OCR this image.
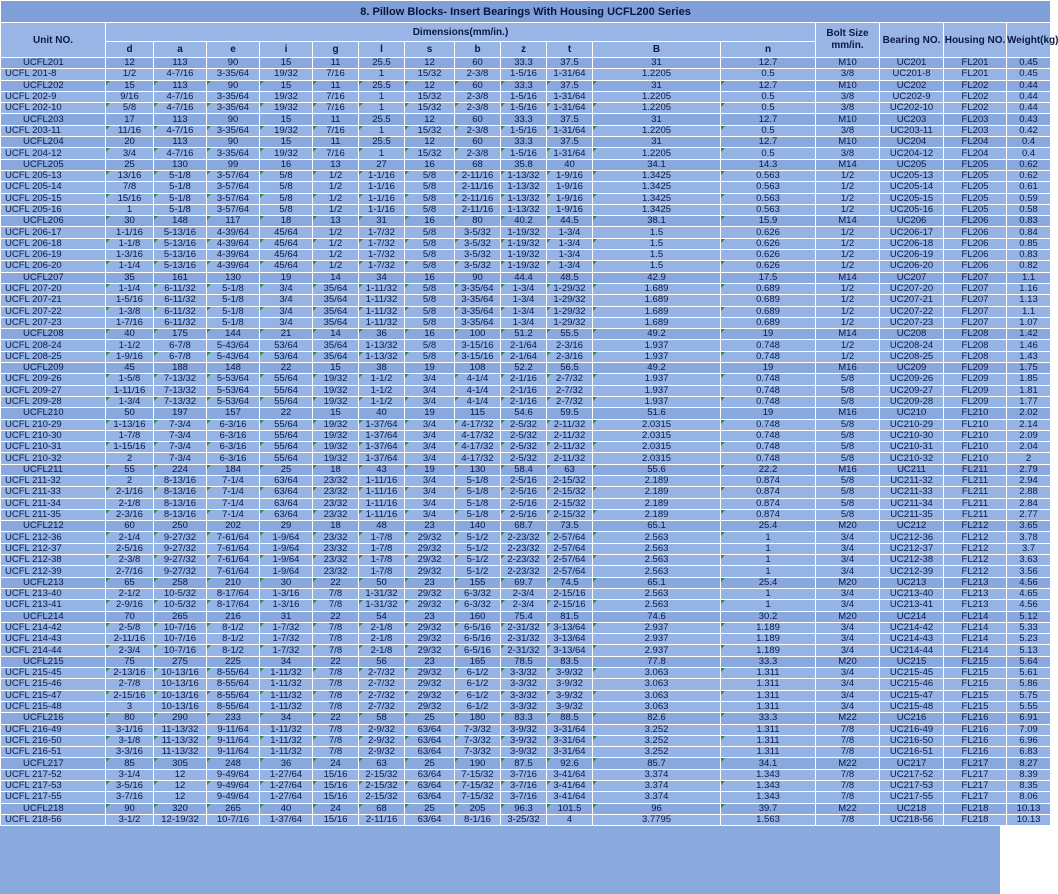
8. Pillow Blocks- Insert Bearings With Housing UCFL200 Series																
Unit NO.	Dimensions(mm/in.)												Bolt Size mm/in.	Bearing NO.	Housing NO.	Weight(kg)
	d	a	e	i	g	l	s	b	z	t	B	n				
UCFL201	12	113	90	15	11	25.5	12	60	33.3	37.5	31	12.7	M10	UC201	FL201	0.45
UCFL 201-8	1/2	4-7/16	3-35/64	19/32	7/16	1	15/32	2-3/8	1-5/16	1-31/64	1.2205	0.5	3/8	UC201-8	FL201	0.45
UCFL202	15	113	90	15	11	25.5	12	60	33.3	37.5	31	12.7	M10	UC202	FL202	0.44
UCFL 202-9	9/16	4-7/16	3-35/64	19/32	7/16	1	15/32	2-3/8	1-5/16	1-31/64	1.2205	0.5	3/8	UC202-9	FL202	0.44
UCFL 202-10	5/8	4-7/16	3-35/64	19/32	7/16	1	15/32	2-3/8	1-5/16	1-31/64	1.2205	0.5	3/8	UC202-10	FL202	0.44
UCFL203	17	113	90	15	11	25.5	12	60	33.3	37.5	31	12.7	M10	UC203	FL203	0.43
UCFL 203-11	11/16	4-7/16	3-35/64	19/32	7/16	1	15/32	2-3/8	1-5/16	1-31/64	1.2205	0.5	3/8	UC203-11	FL203	0.42
UCFL204	20	113	90	15	11	25.5	12	60	33.3	37.5	31	12.7	M10	UC204	FL204	0.4
UCFL 204-12	3/4	4-7/16	3-35/64	19/32	7/16	1	15/32	2-3/8	1-5/16	1-31/64	1.2205	0.5	3/8	UC204-12	FL204	0.4
UCFL205	25	130	99	16	13	27	16	68	35.8	40	34.1	14.3	M14	UC205	FL205	0.62
UCFL 205-13	13/16	5-1/8	3-57/64	5/8	1/2	1-1/16	5/8	2-11/16	1-13/32	1-9/16	1.3425	0.563	1/2	UC205-13	FL205	0.62
UCFL 205-14	7/8	5-1/8	3-57/64	5/8	1/2	1-1/16	5/8	2-11/16	1-13/32	1-9/16	1.3425	0.563	1/2	UC205-14	FL205	0.61
UCFL 205-15	15/16	5-1/8	3-57/64	5/8	1/2	1-1/16	5/8	2-11/16	1-13/32	1-9/16	1.3425	0.563	1/2	UC205-15	FL205	0.59
UCFL 205-16	1	5-1/8	3-57/64	5/8	1/2	1-1/16	5/8	2-11/16	1-13/32	1-9/16	1.3425	0.563	1/2	UC205-16	FL205	0.58
UCFL206	30	148	117	18	13	31	16	80	40.2	44.5	38.1	15.9	M14	UC206	FL206	0.83
UCFL 206-17	1-1/16	5-13/16	4-39/64	45/64	1/2	1-7/32	5/8	3-5/32	1-19/32	1-3/4	1.5	0.626	1/2	UC206-17	FL206	0.84
UCFL 206-18	1-1/8	5-13/16	4-39/64	45/64	1/2	1-7/32	5/8	3-5/32	1-19/32	1-3/4	1.5	0.626	1/2	UC206-18	FL206	0.85
UCFL 206-19	1-3/16	5-13/16	4-39/64	45/64	1/2	1-7/32	5/8	3-5/32	1-19/32	1-3/4	1.5	0.626	1/2	UC206-19	FL206	0.83
UCFL 206-20	1-1/4	5-13/16	4-39/64	45/64	1/2	1-7/32	5/8	3-5/32	1-19/32	1-3/4	1.5	0.626	1/2	UC206-20	FL206	0.82
UCFL207	35	161	130	19	14	34	16	90	44.4	48.5	42.9	17.5	M14	UC207	FL207	1.1
UCFL 207-20	1-1/4	6-11/32	5-1/8	3/4	35/64	1-11/32	5/8	3-35/64	1-3/4	1-29/32	1.689	0.689	1/2	UC207-20	FL207	1.16
UCFL 207-21	1-5/16	6-11/32	5-1/8	3/4	35/64	1-11/32	5/8	3-35/64	1-3/4	1-29/32	1.689	0.689	1/2	UC207-21	FL207	1.13
UCFL 207-22	1-3/8	6-11/32	5-1/8	3/4	35/64	1-11/32	5/8	3-35/64	1-3/4	1-29/32	1.689	0.689	1/2	UC207-22	FL207	1.1
UCFL 207-23	1-7/16	6-11/32	5-1/8	3/4	35/64	1-11/32	5/8	3-35/64	1-3/4	1-29/32	1.689	0.689	1/2	UC207-23	FL207	1.07
UCFL208	40	175	144	21	14	36	16	100	51.2	55.5	49.2	19	M14	UC208	FL208	1.42
UCFL 208-24	1-1/2	6-7/8	5-43/64	53/64	35/64	1-13/32	5/8	3-15/16	2-1/64	2-3/16	1.937	0.748	1/2	UC208-24	FL208	1.46
UCFL 208-25	1-9/16	6-7/8	5-43/64	53/64	35/64	1-13/32	5/8	3-15/16	2-1/64	2-3/16	1.937	0.748	1/2	UC208-25	FL208	1.43
UCFL209	45	188	148	22	15	38	19	108	52.2	56.5	49.2	19	M16	UC209	FL209	1.75
UCFL 209-26	1-5/8	7-13/32	5-53/64	55/64	19/32	1-1/2	3/4	4-1/4	2-1/16	2-7/32	1.937	0.748	5/8	UC209-26	FL209	1.85
UCFL 209-27	1-11/16	7-13/32	5-53/64	55/64	19/32	1-1/2	3/4	4-1/4	2-1/16	2-7/32	1.937	0.748	5/8	UC209-27	FL209	1.81
UCFL 209-28	1-3/4	7-13/32	5-53/64	55/64	19/32	1-1/2	3/4	4-1/4	2-1/16	2-7/32	1.937	0.748	5/8	UC209-28	FL209	1.77
UCFL210	50	197	157	22	15	40	19	115	54.6	59.5	51.6	19	M16	UC210	FL210	2.02
UCFL 210-29	1-13/16	7-3/4	6-3/16	55/64	19/32	1-37/64	3/4	4-17/32	2-5/32	2-11/32	2.0315	0.748	5/8	UC210-29	FL210	2.14
UCFL 210-30	1-7/8	7-3/4	6-3/16	55/64	19/32	1-37/64	3/4	4-17/32	2-5/32	2-11/32	2.0315	0.748	5/8	UC210-30	FL210	2.09
UCFL 210-31	1-15/16	7-3/4	6-3/16	55/64	19/32	1-37/64	3/4	4-17/32	2-5/32	2-11/32	2.0315	0.748	5/8	UC210-31	FL210	2.04
UCFL 210-32	2	7-3/4	6-3/16	55/64	19/32	1-37/64	3/4	4-17/32	2-5/32	2-11/32	2.0315	0.748	5/8	UC210-32	FL210	2
UCFL211	55	224	184	25	18	43	19	130	58.4	63	55.6	22.2	M16	UC211	FL211	2.79
UCFL 211-32	2	8-13/16	7-1/4	63/64	23/32	1-11/16	3/4	5-1/8	2-5/16	2-15/32	2.189	0.874	5/8	UC211-32	FL211	2.94
UCFL 211-33	2-1/16	8-13/16	7-1/4	63/64	23/32	1-11/16	3/4	5-1/8	2-5/16	2-15/32	2.189	0.874	5/8	UC211-33	FL211	2.88
UCFL 211-34	2-1/8	8-13/16	7-1/4	63/64	23/32	1-11/16	3/4	5-1/8	2-5/16	2-15/32	2.189	0.874	5/8	UC211-34	FL211	2.84
UCFL 211-35	2-3/16	8-13/16	7-1/4	63/64	23/32	1-11/16	3/4	5-1/8	2-5/16	2-15/32	2.189	0.874	5/8	UC211-35	FL211	2.77
UCFL212	60	250	202	29	18	48	23	140	68.7	73.5	65.1	25.4	M20	UC212	FL212	3.65
UCFL 212-36	2-1/4	9-27/32	7-61/64	1-9/64	23/32	1-7/8	29/32	5-1/2	2-23/32	2-57/64	2.563	1	3/4	UC212-36	FL212	3.78
UCFL 212-37	2-5/16	9-27/32	7-61/64	1-9/64	23/32	1-7/8	29/32	5-1/2	2-23/32	2-57/64	2.563	1	3/4	UC212-37	FL212	3.7
UCFL 212-38	2-3/8	9-27/32	7-61/64	1-9/64	23/32	1-7/8	29/32	5-1/2	2-23/32	2-57/64	2.563	1	3/4	UC212-38	FL212	3.63
UCFL 212-39	2-7/16	9-27/32	7-61/64	1-9/64	23/32	1-7/8	29/32	5-1/2	2-23/32	2-57/64	2.563	1	3/4	UC212-39	FL212	3.56
UCFL213	65	258	210	30	22	50	23	155	69.7	74.5	65.1	25.4	M20	UC213	FL213	4.56
UCFL 213-40	2-1/2	10-5/32	8-17/64	1-3/16	7/8	1-31/32	29/32	6-3/32	2-3/4	2-15/16	2.563	1	3/4	UC213-40	FL213	4.65
UCFL 213-41	2-9/16	10-5/32	8-17/64	1-3/16	7/8	1-31/32	29/32	6-3/32	2-3/4	2-15/16	2.563	1	3/4	UC213-41	FL213	4.56
UCFL214	70	265	216	31	22	54	23	160	75.4	81.5	74.6	30.2	M20	UC214	FL214	5.12
UCFL 214-42	2-5/8	10-7/16	8-1/2	1-7/32	7/8	2-1/8	29/32	6-5/16	2-31/32	3-13/64	2.937	1.189	3/4	UC214-42	FL214	5.33
UCFL 214-43	2-11/16	10-7/16	8-1/2	1-7/32	7/8	2-1/8	29/32	6-5/16	2-31/32	3-13/64	2.937	1.189	3/4	UC214-43	FL214	5.23
UCFL 214-44	2-3/4	10-7/16	8-1/2	1-7/32	7/8	2-1/8	29/32	6-5/16	2-31/32	3-13/64	2.937	1.189	3/4	UC214-44	FL214	5.13
UCFL215	75	275	225	34	22	56	23	165	78.5	83.5	77.8	33.3	M20	UC215	FL215	5.64
UCFL 215-45	2-13/16	10-13/16	8-55/64	1-11/32	7/8	2-7/32	29/32	6-1/2	3-3/32	3-9/32	3.063	1.311	3/4	UC215-45	FL215	5.61
UCFL 215-46	2-7/8	10-13/16	8-55/64	1-11/32	7/8	2-7/32	29/32	6-1/2	3-3/32	3-9/32	3.063	1.311	3/4	UC215-46	FL215	5.86
UCFL 215-47	2-15/16	10-13/16	8-55/64	1-11/32	7/8	2-7/32	29/32	6-1/2	3-3/32	3-9/32	3.063	1.311	3/4	UC215-47	FL215	5.75
UCFL 215-48	3	10-13/16	8-55/64	1-11/32	7/8	2-7/32	29/32	6-1/2	3-3/32	3-9/32	3.063	1.311	3/4	UC215-48	FL215	5.55
UCFL216	80	290	233	34	22	58	25	180	83.3	88.5	82.6	33.3	M22	UC216	FL216	6.91
UCFL 216-49	3-1/16	11-13/32	9-11/64	1-11/32	7/8	2-9/32	63/64	7-3/32	3-9/32	3-31/64	3.252	1.311	7/8	UC216-49	FL216	7.09
UCFL 216-50	3-1/8	11-13/32	9-11/64	1-11/32	7/8	2-9/32	63/64	7-3/32	3-9/32	3-31/64	3.252	1.311	7/8	UC216-50	FL216	6.96
UCFL 216-51	3-3/16	11-13/32	9-11/64	1-11/32	7/8	2-9/32	63/64	7-3/32	3-9/32	3-31/64	3.252	1.311	7/8	UC216-51	FL216	6.83
UCFL217	85	305	248	36	24	63	25	190	87.5	92.6	85.7	34.1	M22	UC217	FL217	8.27
UCFL 217-52	3-1/4	12	9-49/64	1-27/64	15/16	2-15/32	63/64	7-15/32	3-7/16	3-41/64	3.374	1.343	7/8	UC217-52	FL217	8.39
UCFL 217-53	3-5/16	12	9-49/64	1-27/64	15/16	2-15/32	63/64	7-15/32	3-7/16	3-41/64	3.374	1.343	7/8	UC217-53	FL217	8.35
UCFL 217-55	3-7/16	12	9-49/64	1-27/64	15/16	2-15/32	63/64	7-15/32	3-7/16	3-41/64	3.374	1.343	7/8	UC217-55	FL217	8.06
UCFL218	90	320	265	40	24	68	25	205	96.3	101.5	96	39.7	M22	UC218	FL218	10.13
UCFL 218-56	3-1/2	12-19/32	10-7/16	1-37/64	15/16	2-11/16	63/64	8-1/16	3-25/32	4	3.7795	1.563	7/8	UC218-56	FL218	10.13
